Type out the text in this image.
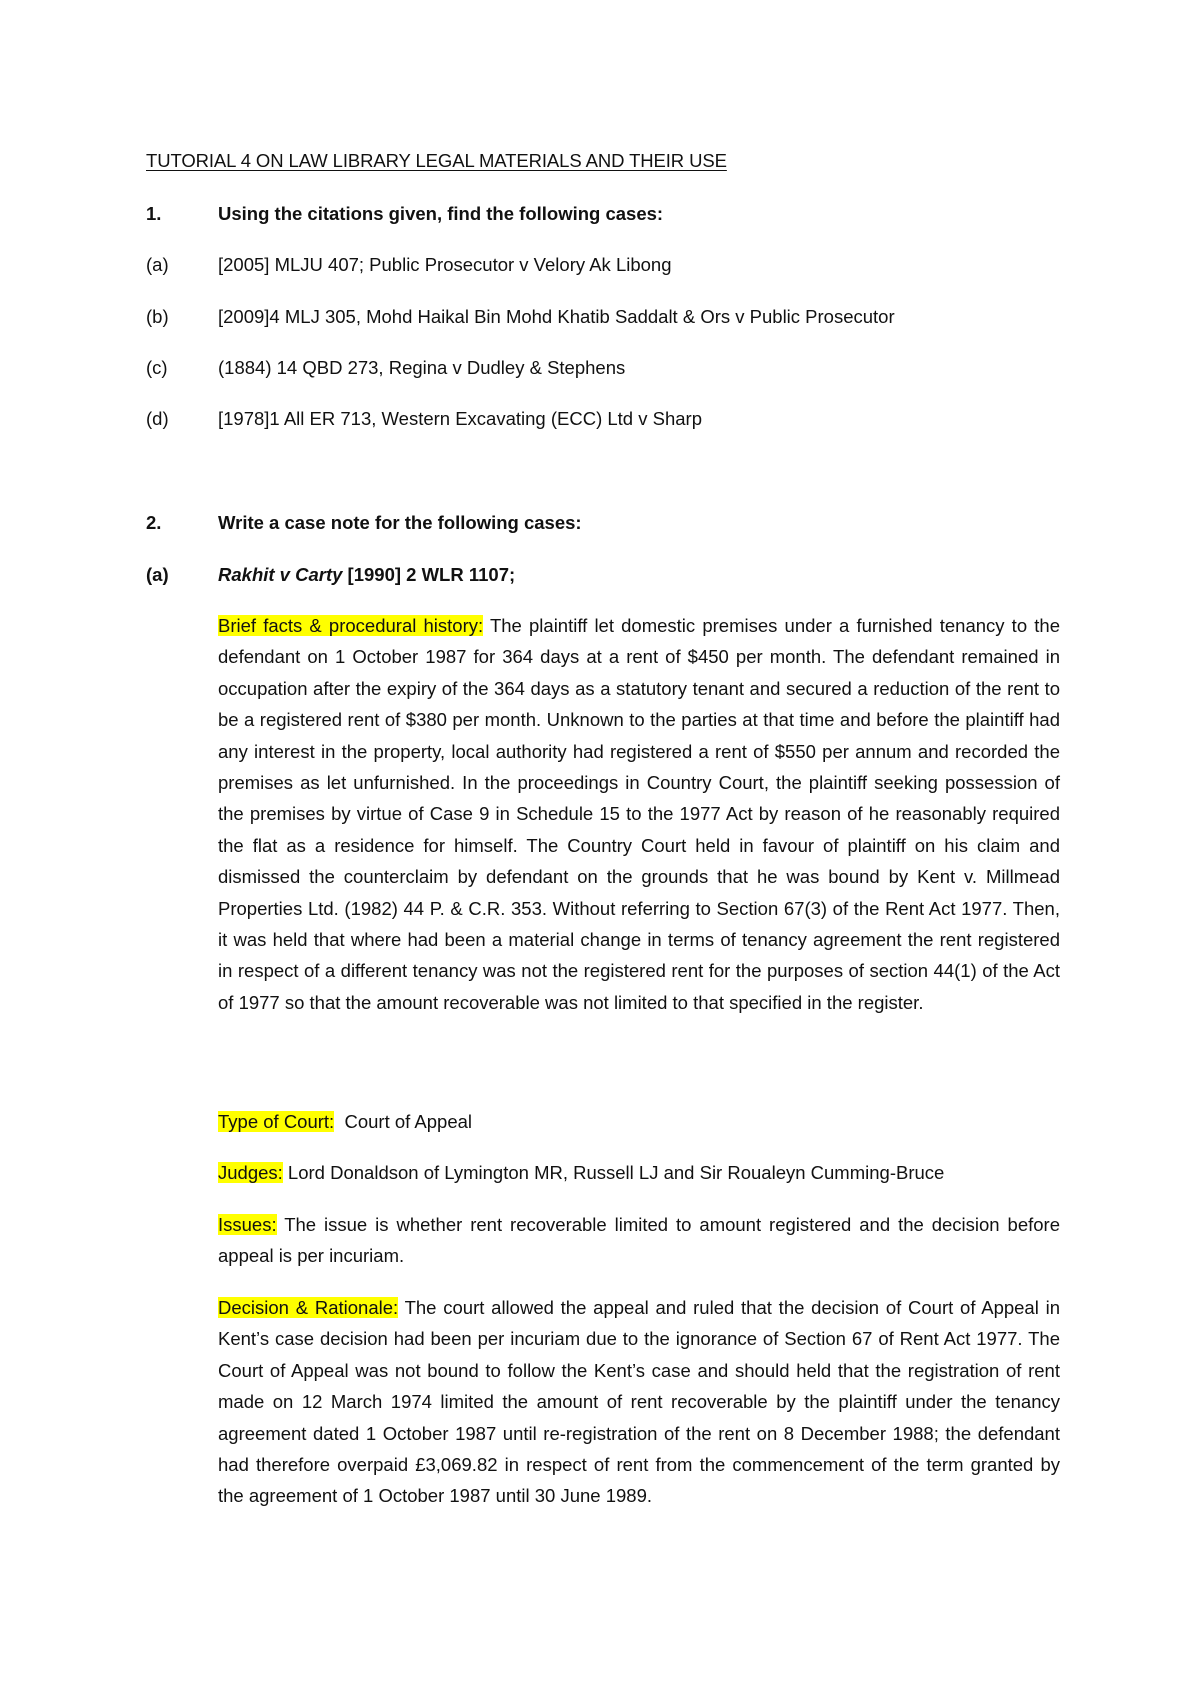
TUTORIAL 4 ON LAW LIBRARY LEGAL MATERIALS AND THEIR USE
1.	Using the citations given, find the following cases:
(a)	[2005] MLJU 407; Public Prosecutor v Velory Ak Libong
(b)	[2009]4 MLJ 305, Mohd Haikal Bin Mohd Khatib Saddalt & Ors v Public Prosecutor
(c)	(1884) 14 QBD 273, Regina v Dudley & Stephens
(d)	[1978]1 All ER 713, Western Excavating (ECC) Ltd v Sharp
2.	Write a case note for the following cases:
(a)	Rakhit v Carty [1990] 2 WLR 1107;
Brief facts & procedural history: The plaintiff let domestic premises under a furnished tenancy to the defendant on 1 October 1987 for 364 days at a rent of $450 per month. The defendant remained in occupation after the expiry of the 364 days as a statutory tenant and secured a reduction of the rent to be a registered rent of $380 per month. Unknown to the parties at that time and before the plaintiff had any interest in the property, local authority had registered a rent of $550 per annum and recorded the premises as let unfurnished. In the proceedings in Country Court, the plaintiff seeking possession of the premises by virtue of Case 9 in Schedule 15 to the 1977 Act by reason of he reasonably required the flat as a residence for himself. The Country Court held in favour of plaintiff on his claim and dismissed the counterclaim by defendant on the grounds that he was bound by Kent v. Millmead Properties Ltd. (1982) 44 P. & C.R. 353. Without referring to Section 67(3) of the Rent Act 1977. Then, it was held that where had been a material change in terms of tenancy agreement the rent registered in respect of a different tenancy was not the registered rent for the purposes of section 44(1) of the Act of 1977 so that the amount recoverable was not limited to that specified in the register.
Type of Court:  Court of Appeal
Judges: Lord Donaldson of Lymington MR, Russell LJ and Sir Roualeyn Cumming-Bruce
Issues: The issue is whether rent recoverable limited to amount registered and the decision before appeal is per incuriam.
Decision & Rationale: The court allowed the appeal and ruled that the decision of Court of Appeal in Kent’s case decision had been per incuriam due to the ignorance of Section 67 of Rent Act 1977. The Court of Appeal was not bound to follow the Kent’s case and should held that the registration of rent made on 12 March 1974 limited the amount of rent recoverable by the plaintiff under the tenancy agreement dated 1 October 1987 until re-registration of the rent on 8 December 1988; the defendant had therefore overpaid £3,069.82 in respect of rent from the commencement of the term granted by the agreement of 1 October 1987 until 30 June 1989.
